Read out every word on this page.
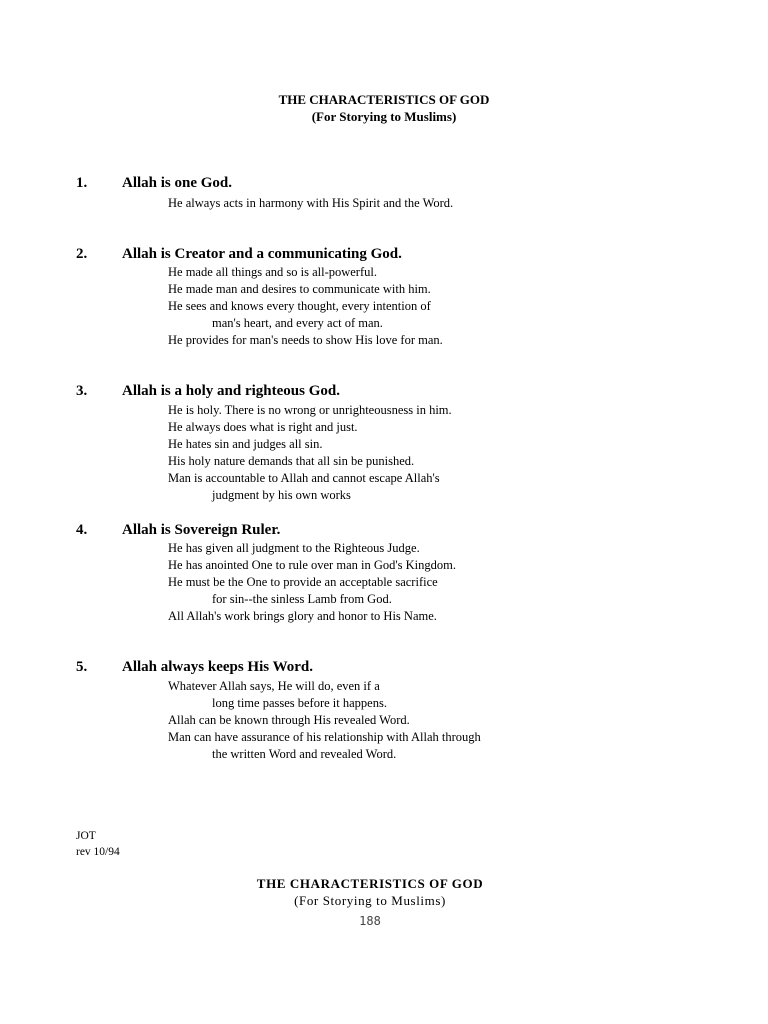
THE CHARACTERISTICS OF GOD
(For Storying to Muslims)
1. Allah is one God.
He always acts in harmony with His Spirit and the Word.
2. Allah is Creator and a communicating God.
He made all things and so is all-powerful.
He made man and desires to communicate with him.
He sees and knows every thought, every intention of
man's heart, and every act of man.
He provides for man's needs to show His love for man.
3. Allah is a holy and righteous God.
He is holy. There is no wrong or unrighteousness in him.
He always does what is right and just.
He hates sin and judges all sin.
His holy nature demands that all sin be punished.
Man is accountable to Allah and cannot escape Allah's
judgment by his own works
4. Allah is Sovereign Ruler.
He has given all judgment to the Righteous Judge.
He has anointed One to rule over man in God's Kingdom.
He must be the One to provide an acceptable sacrifice
for sin--the sinless Lamb from God.
All Allah's work brings glory and honor to His Name.
5. Allah always keeps His Word.
Whatever Allah says, He will do, even if a
long time passes before it happens.
Allah can be known through His revealed Word.
Man can have assurance of his relationship with Allah through
the written Word and revealed Word.
JOT
rev 10/94
THE CHARACTERISTICS OF GOD
(For Storying to Muslims)
188
